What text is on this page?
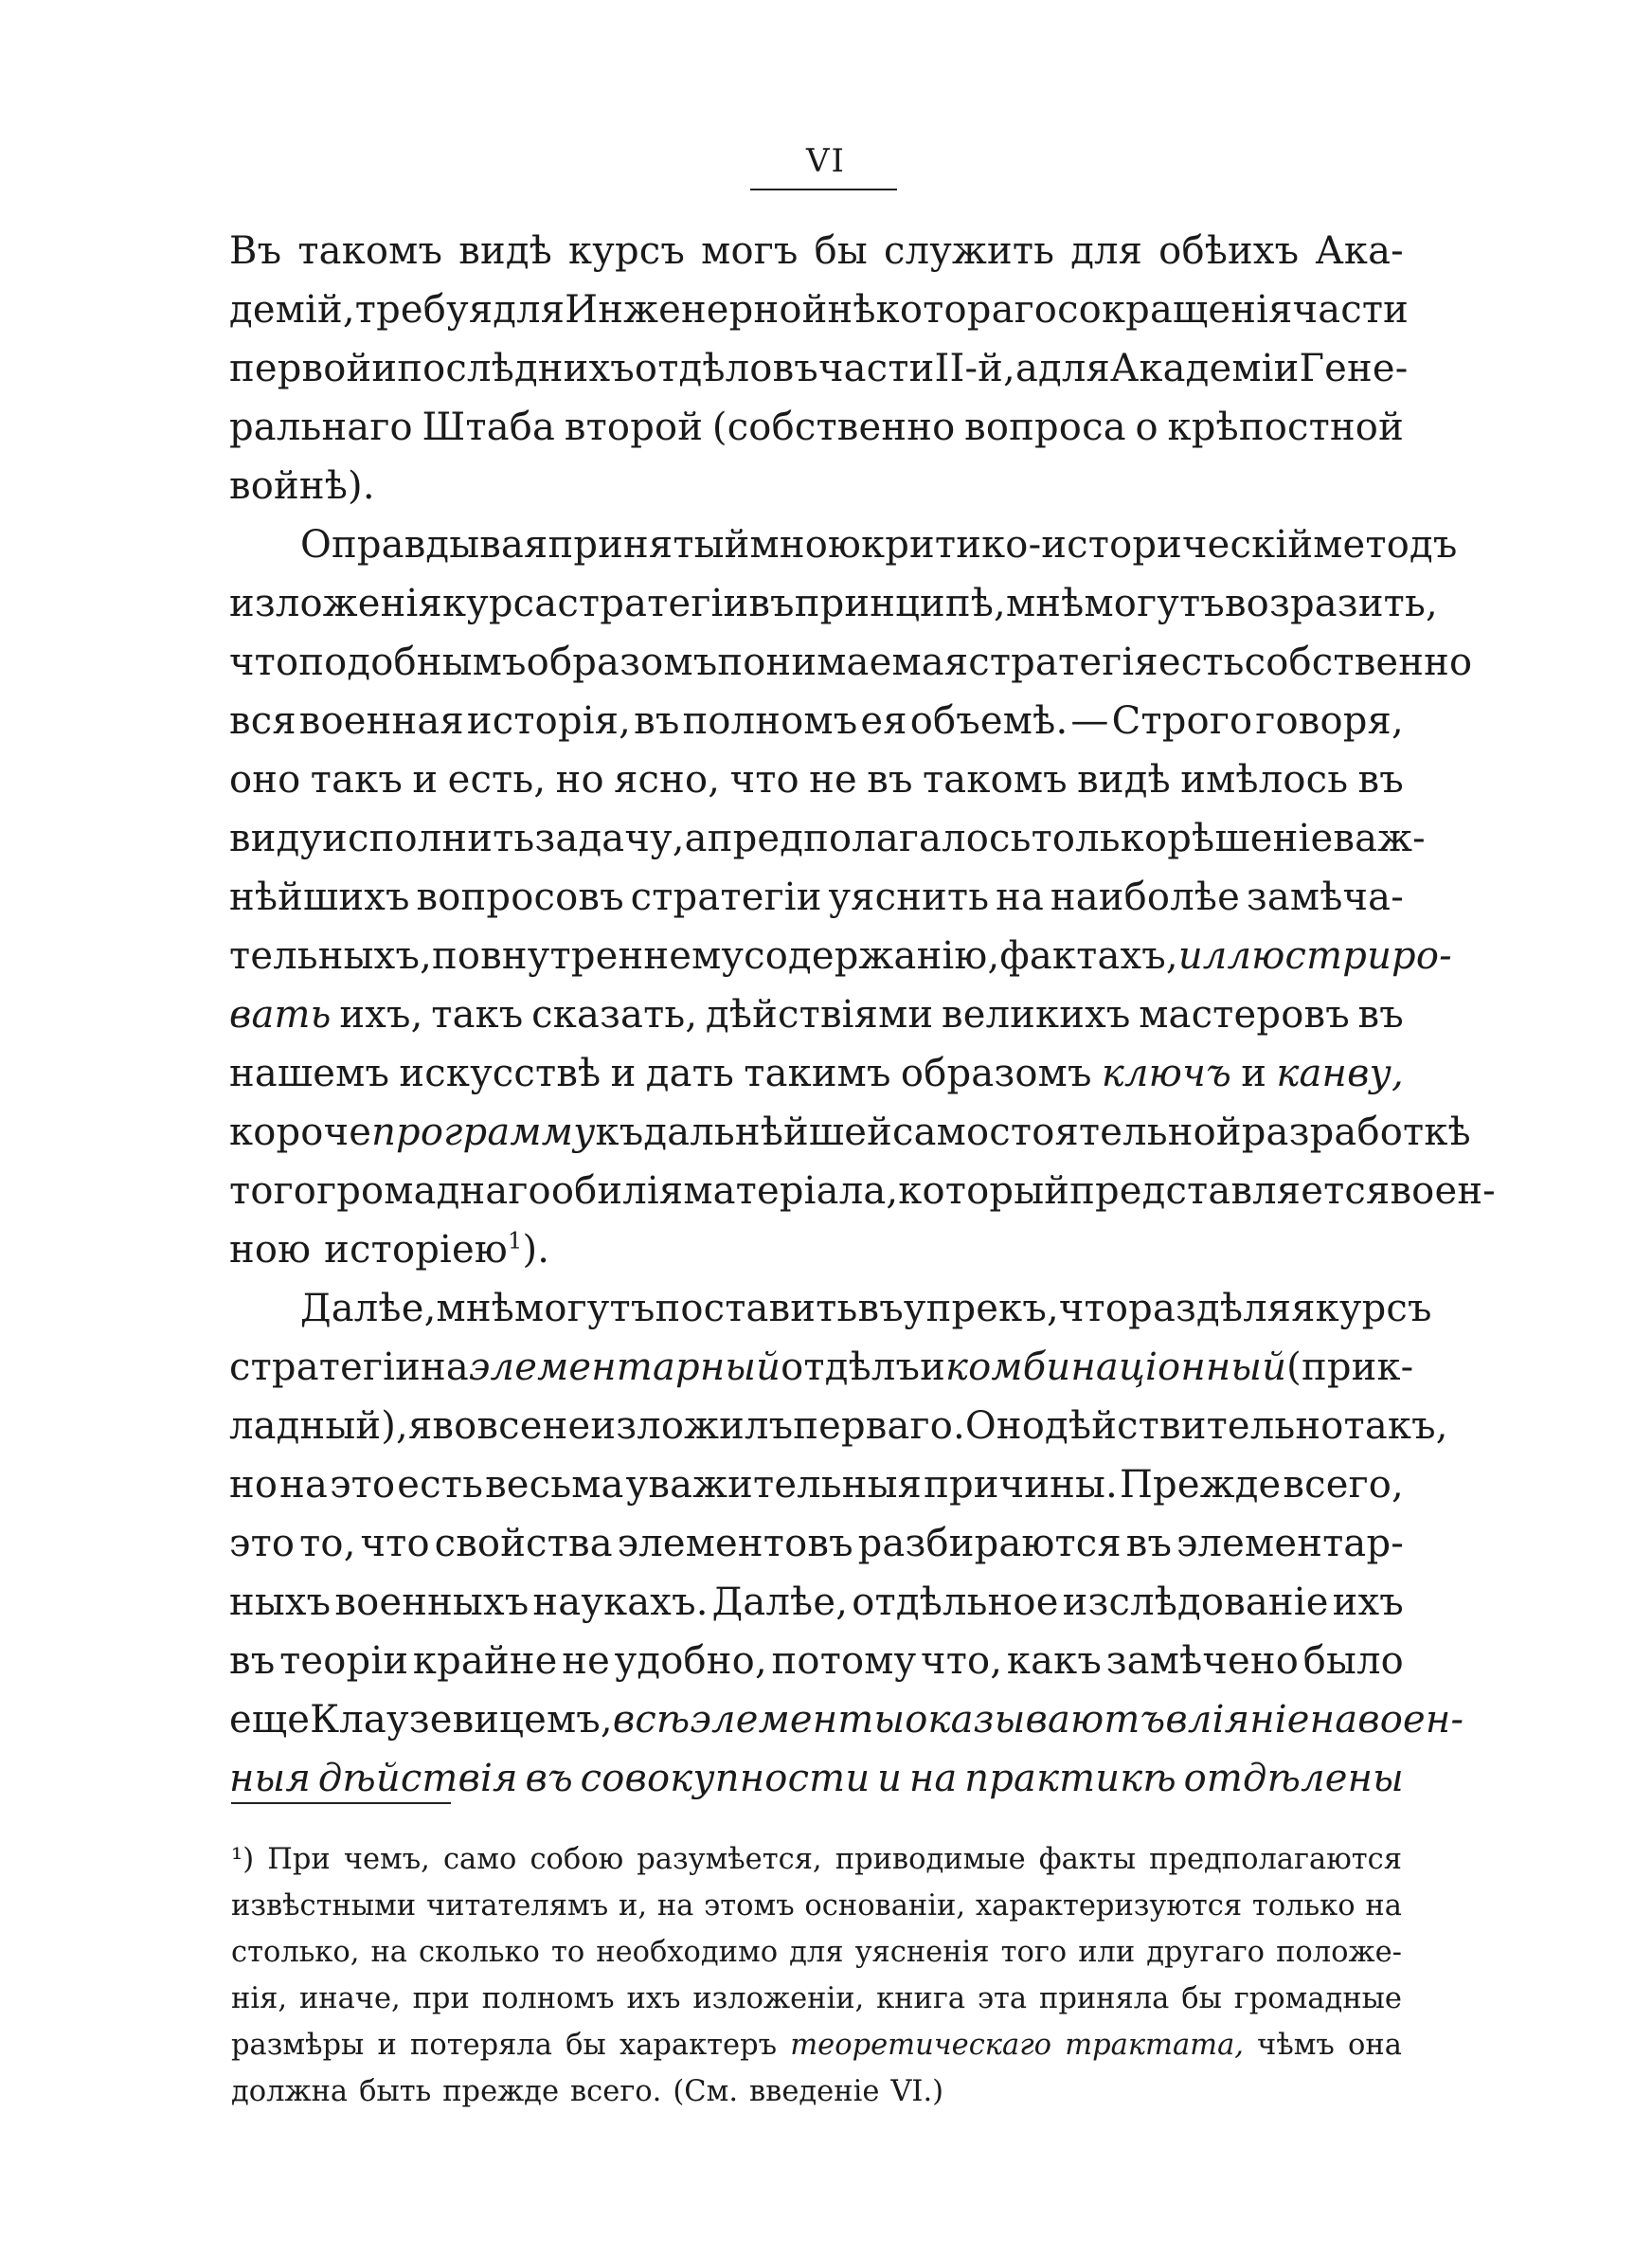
VI
Въ такомъ видѣ курсъ могъ бы служить для обѣихъ Ака-
демій, требуя для Инженерной нѣкотораго сокращенія части
первой и послѣднихъ отдѣловъ части II-й, а для Академіи Гене-
ральнаго Штаба второй (собственно вопроса о крѣпостной
войнѣ).
Оправдывая принятый мною критико-историческій методъ
изложенія курса стратегіи въ принципѣ, мнѣ могутъ возразить,
что подобнымъ образомъ понимаемая стратегія есть собственно
вся военная исторія, въ полномъ ея объемѣ. — Строго говоря,
оно такъ и есть, но ясно, что не въ такомъ видѣ имѣлось въ
виду исполнить задачу, а предполагалось только рѣшеніе важ-
нѣйшихъ вопросовъ стратегіи уяснить на наиболѣе замѣча-
тельныхъ, по внутреннему содержанію, фактахъ, иллюстриро-
вать ихъ, такъ сказать, дѣйствіями великихъ мастеровъ въ
нашемъ искусствѣ и дать такимъ образомъ ключъ и канву,
короче программу къ дальнѣйшей самостоятельной разработкѣ
того громаднаго обилія матеріала, который представляется воен-
ною исторіею$^1$).
Далѣе, мнѣ могутъ поставить въ упрекъ, что раздѣляя курсъ
стратегіи на элементарный отдѣлъ и комбинаціонный (прик-
ладный), я вовсе не изложилъ перваго. Оно дѣйствительно такъ,
но на это есть весьма уважительныя причины. Прежде всего,
это то, что свойства элементовъ разбираются въ элементар-
ныхъ военныхъ наукахъ. Далѣе, отдѣльное изслѣдованіе ихъ
въ теоріи крайне не удобно, потому что, какъ замѣчено было
еще Клаузевицемъ, всѣ элементы оказываютъ вліяніе на воен-
ныя дѣйствія въ совокупности и на практикѣ отдѣлены
¹) При чемъ, само собою разумѣется, приводимые факты предполагаются
извѣстными читателямъ и, на этомъ основаніи, характеризуются только на
столько, на сколько то необходимо для уясненія того или другаго положе-
нія, иначе, при полномъ ихъ изложеніи, книга эта приняла бы громадные
размѣры и потеряла бы характеръ теоретическаго трактата, чѣмъ она
должна быть прежде всего. (См. введеніе VI.)
